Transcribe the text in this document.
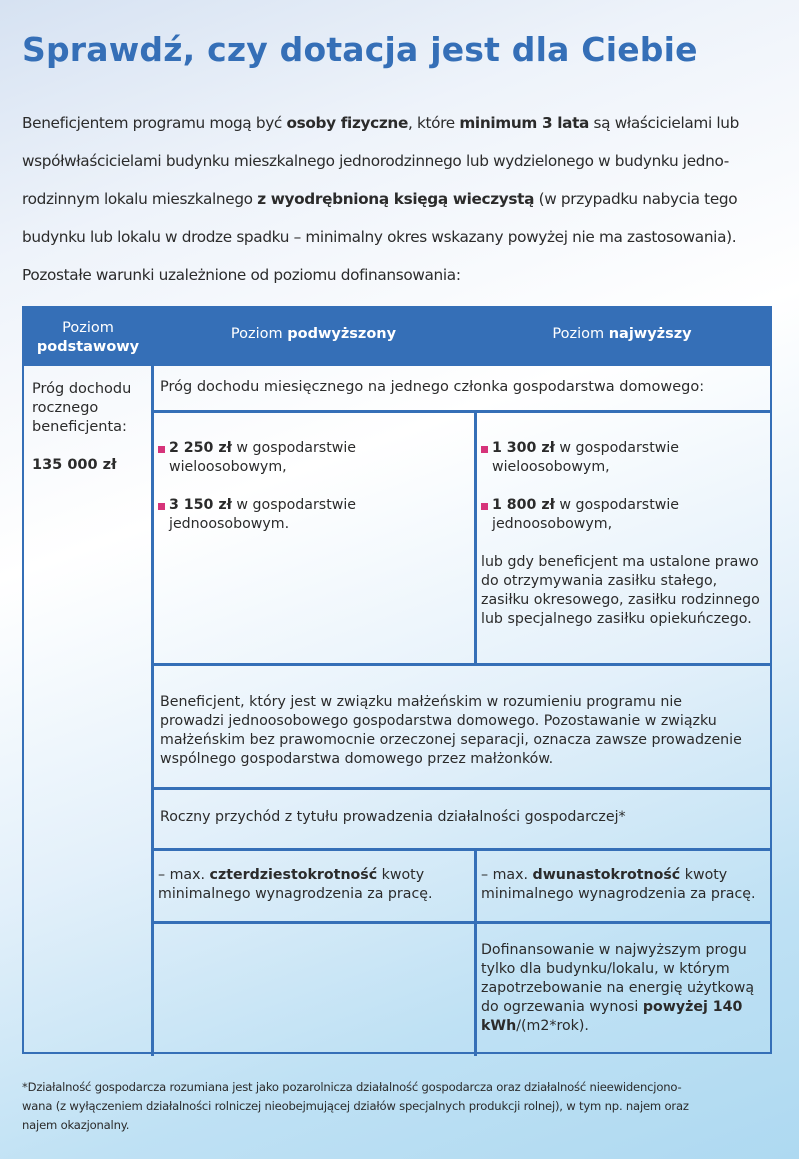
Sprawdź, czy dotacja jest dla Ciebie
Beneficjentem programu mogą być osoby fizyczne, które minimum 3 lata są właścicielami lub
współwłaścicielami budynku mieszkalnego jednorodzinnego lub wydzielonego w budynku jedno-
rodzinnym lokalu mieszkalnego z wyodrębnioną księgą wieczystą (w przypadku nabycia tego
budynku lub lokalu w drodze spadku – minimalny okres wskazany powyżej nie ma zastosowania).
Pozostałe warunki uzależnione od poziomu dofinansowania:
Poziom
podstawowy
Poziom podwyższony	Poziom najwyższy
Próg dochodu rocznego beneficjenta:
135 000 zł
Próg dochodu miesięcznego na jednego członka gospodarstwa domowego:
2 250 zł w gospodarstwie wieloosobowym,
3 150 zł w gospodarstwie jednoosobowym.
1 300 zł w gospodarstwie wieloosobowym,
1 800 zł w gospodarstwie jednoosobowym,
lub gdy beneficjent ma ustalone prawo do otrzymywania zasiłku stałego, zasiłku okresowego, zasiłku rodzinnego lub specjalnego zasiłku opiekuńczego.
Beneficjent, który jest w związku małżeńskim w rozumieniu programu nie prowadzi jednoosobowego gospodarstwa domowego. Pozostawanie w związku małżeńskim bez prawomocnie orzeczonej separacji, oznacza zawsze prowadzenie wspólnego gospodarstwa domowego przez małżonków.
Roczny przychód z tytułu prowadzenia działalności gospodarczej*
– max. czterdziestokrotność kwoty minimalnego wynagrodzenia za pracę.
– max. dwunastokrotność kwoty minimalnego wynagrodzenia za pracę.
Dofinansowanie w najwyższym progu tylko dla budynku/lokalu, w którym zapotrzebowanie na energię użytkową do ogrzewania wynosi powyżej 140 kWh/(m2*rok).
*Działalność gospodarcza rozumiana jest jako pozarolnicza działalność gospodarcza oraz działalność nieewidencjono-
wana (z wyłączeniem działalności rolniczej nieobejmującej działów specjalnych produkcji rolnej), w tym np. najem oraz
najem okazjonalny.
